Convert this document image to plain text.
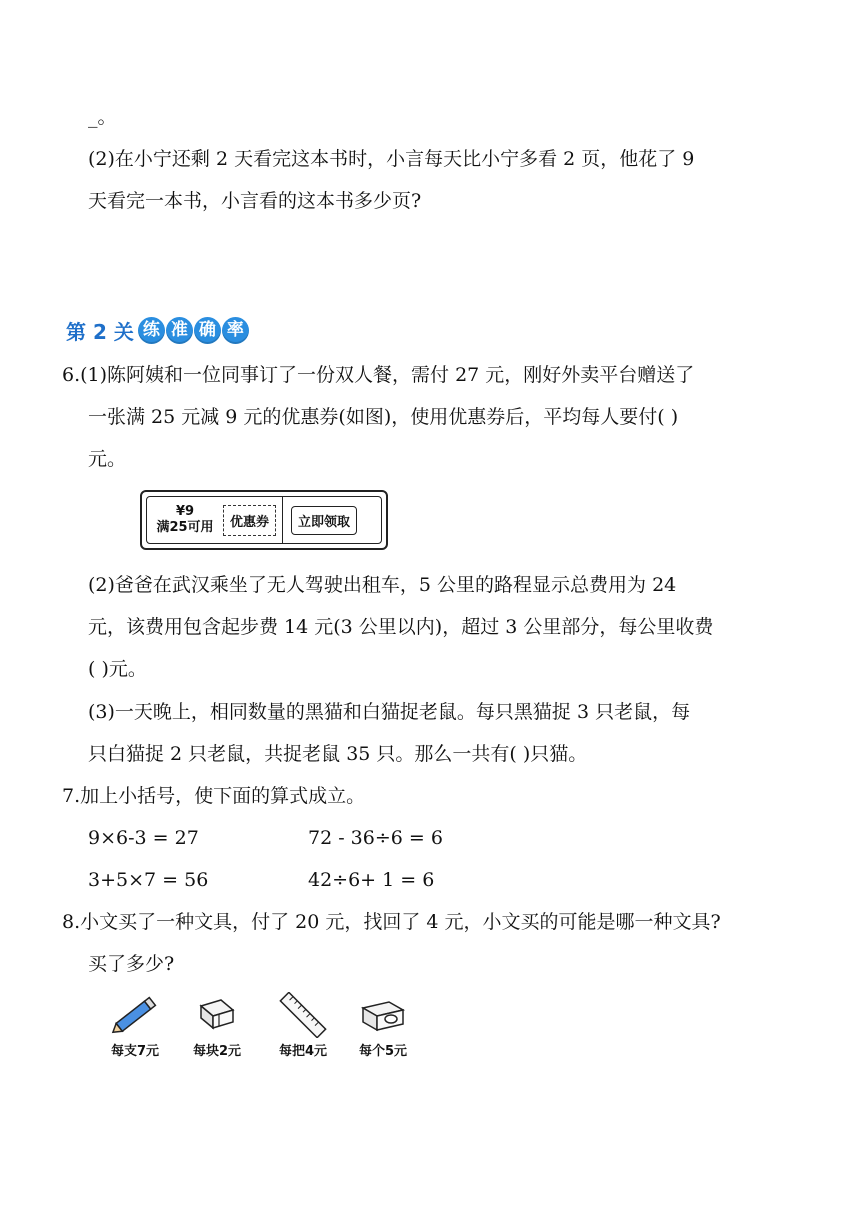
_。
(2)在小宁还剩 2 天看完这本书时，小言每天比小宁多看 2 页，他花了 9
天看完一本书，小言看的这本书多少页?
第 2 关 练 准 确 率
6.(1)陈阿姨和一位同事订了一份双人餐，需付 27 元，刚好外卖平台赠送了
一张满 25 元减 9 元的优惠券(如图)，使用优惠券后，平均每人要付( )
元。
¥9
满25可用	优惠券	立即领取
(2)爸爸在武汉乘坐了无人驾驶出租车，5 公里的路程显示总费用为 24
元，该费用包含起步费 14 元(3 公里以内)，超过 3 公里部分，每公里收费
( )元。
(3)一天晚上，相同数量的黑猫和白猫捉老鼠。每只黑猫捉 3 只老鼠，每
只白猫捉 2 只老鼠，共捉老鼠 35 只。那么一共有( )只猫。
7.加上小括号，使下面的算式成立。
9×6-3 = 27	72 - 36÷6 = 6
3+5×7 = 56	42÷6+ 1 = 6
8.小文买了一种文具，付了 20 元，找回了 4 元，小文买的可能是哪一种文具?
买了多少?
每支7元	每块2元	每把4元	每个5元
